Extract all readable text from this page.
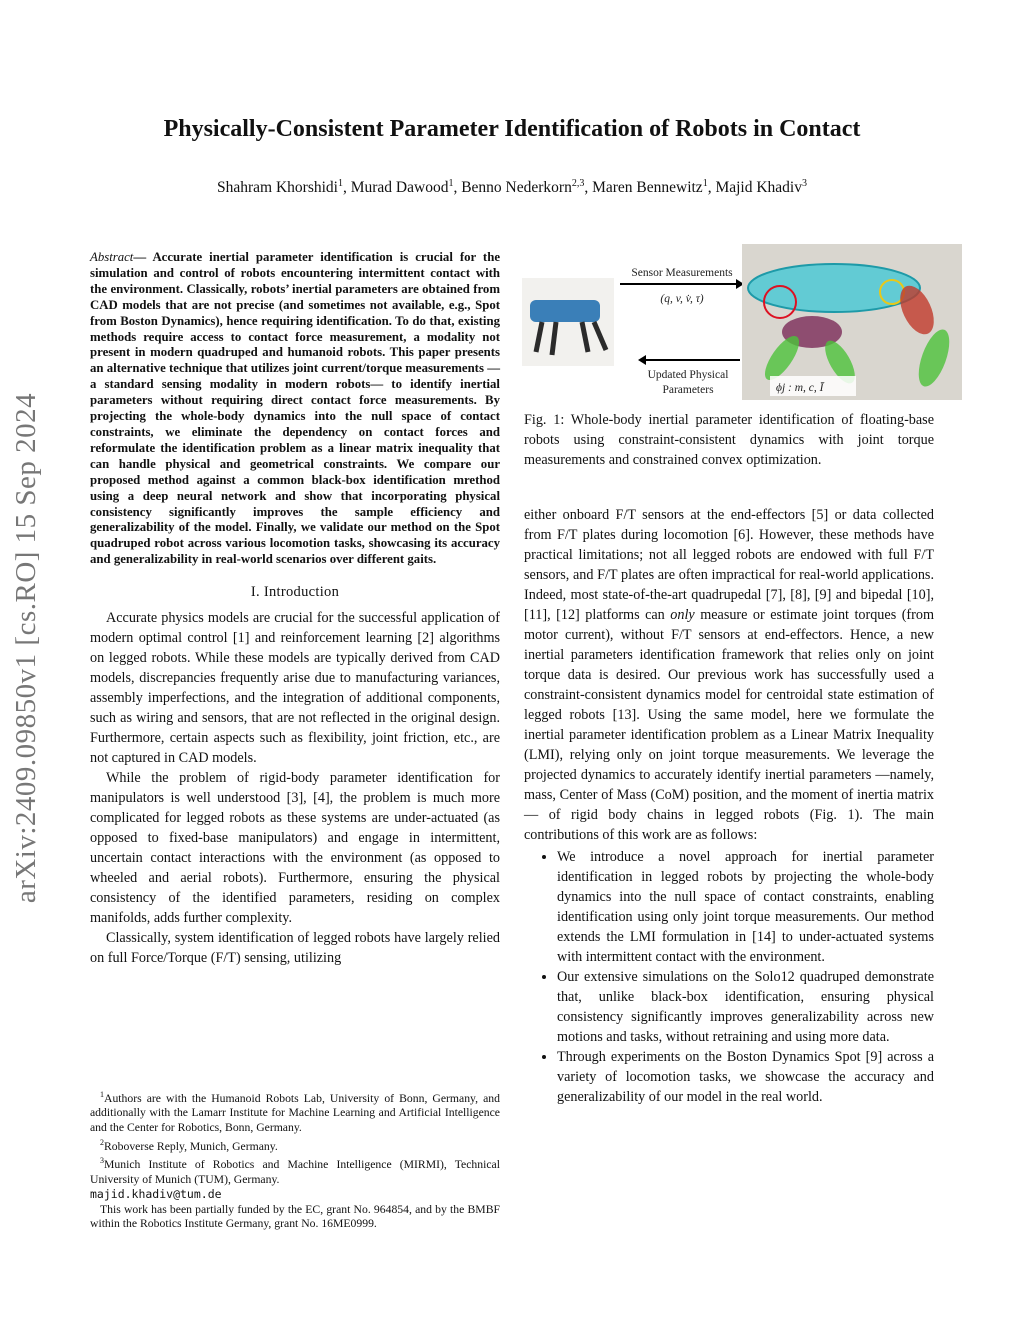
Physically-Consistent Parameter Identification of Robots in Contact
Shahram Khorshidi$^1$, Murad Dawood$^1$, Benno Nederkorn$^{2,3}$, Maren Bennewitz$^1$, Majid Khadiv$^3$
arXiv:2409.09850v1 [cs.RO] 15 Sep 2024

Abstract— Accurate inertial parameter identification is crucial for the simulation and control of robots encountering intermittent contact with the environment. Classically, robots’ inertial parameters are obtained from CAD models that are not precise (and sometimes not available, e.g., Spot from Boston Dynamics), hence requiring identification. To do that, existing methods require access to contact force measurement, a modality not present in modern quadruped and humanoid robots. This paper presents an alternative technique that utilizes joint current/torque measurements —a standard sensing modality in modern robots— to identify inertial parameters without requiring direct contact force measurements. By projecting the whole-body dynamics into the null space of contact constraints, we eliminate the dependency on contact forces and reformulate the identification problem as a linear matrix inequality that can handle physical and geometrical constraints. We compare our proposed method against a common black-box identification mrethod using a deep neural network and show that incorporating physical consistency significantly improves the sample efficiency and generalizability of the model. Finally, we validate our method on the Spot quadruped robot across various locomotion tasks, showcasing its accuracy and generalizability in real-world scenarios over different gaits.

I. Introduction

Accurate physics models are crucial for the successful application of modern optimal control [1] and reinforcement learning [2] algorithms on legged robots. While these models are typically derived from CAD models, discrepancies frequently arise due to manufacturing variances, assembly imperfections, and the integration of additional components, such as wiring and sensors, that are not reflected in the original design. Furthermore, certain aspects such as flexibility, joint friction, etc., are not captured in CAD models.

While the problem of rigid-body parameter identification for manipulators is well understood [3], [4], the problem is much more complicated for legged robots as these systems are under-actuated (as opposed to fixed-base manipulators) and engage in intermittent, uncertain contact interactions with the environment (as opposed to wheeled and aerial robots). Furthermore, ensuring the physical consistency of the identified parameters, residing on complex manifolds, adds further complexity.

Classically, system identification of legged robots have largely relied on full Force/Torque (F/T) sensing, utilizing

$^1$Authors are with the Humanoid Robots Lab, University of Bonn, Germany, and additionally with the Lamarr Institute for Machine Learning and Artificial Intelligence and the Center for Robotics, Bonn, Germany.

$^2$Roboverse Reply, Munich, Germany.

$^3$Munich Institute of Robotics and Machine Intelligence (MIRMI), Technical University of Munich (TUM), Germany.
majid.khadiv@tum.de

This work has been partially funded by the EC, grant No. 964854, and by the BMBF within the Robotics Institute Germany, grant No. 16ME0999.

Sensor Measurements
(q, v, v̇, τ)
Updated Physical
Parameters	ϕj : m, c, Ī
Fig. 1: Whole-body inertial parameter identification of floating-base robots using constraint-consistent dynamics with joint torque measurements and constrained convex optimization.

either onboard F/T sensors at the end-effectors [5] or data collected from F/T plates during locomotion [6]. However, these methods have practical limitations; not all legged robots are endowed with full F/T sensors, and F/T plates are often impractical for real-world applications. Indeed, most state-of-the-art quadrupedal [7], [8], [9] and bipedal [10], [11], [12] platforms can only measure or estimate joint torques (from motor current), without F/T sensors at end-effectors. Hence, a new inertial parameters identification framework that relies only on joint torque data is desired. Our previous work has successfully used a constraint-consistent dynamics model for centroidal state estimation of legged robots [13]. Using the same model, here we formulate the inertial parameter identification problem as a Linear Matrix Inequality (LMI), relying only on joint torque measurements. We leverage the projected dynamics to accurately identify inertial parameters —namely, mass, Center of Mass (CoM) position, and the moment of inertia matrix— of rigid body chains in legged robots (Fig. 1). The main contributions of this work are as follows:

• We introduce a novel approach for inertial parameter identification in legged robots by projecting the whole-body dynamics into the null space of contact constraints, enabling identification using only joint torque measurements. Our method extends the LMI formulation in [14] to under-actuated systems with intermittent contact with the environment.
• Our extensive simulations on the Solo12 quadruped demonstrate that, unlike black-box identification, ensuring physical consistency significantly improves generalizability across new motions and tasks, without retraining and using more data.
• Through experiments on the Boston Dynamics Spot [9] across a variety of locomotion tasks, we showcase the accuracy and generalizability of our model in the real world.
